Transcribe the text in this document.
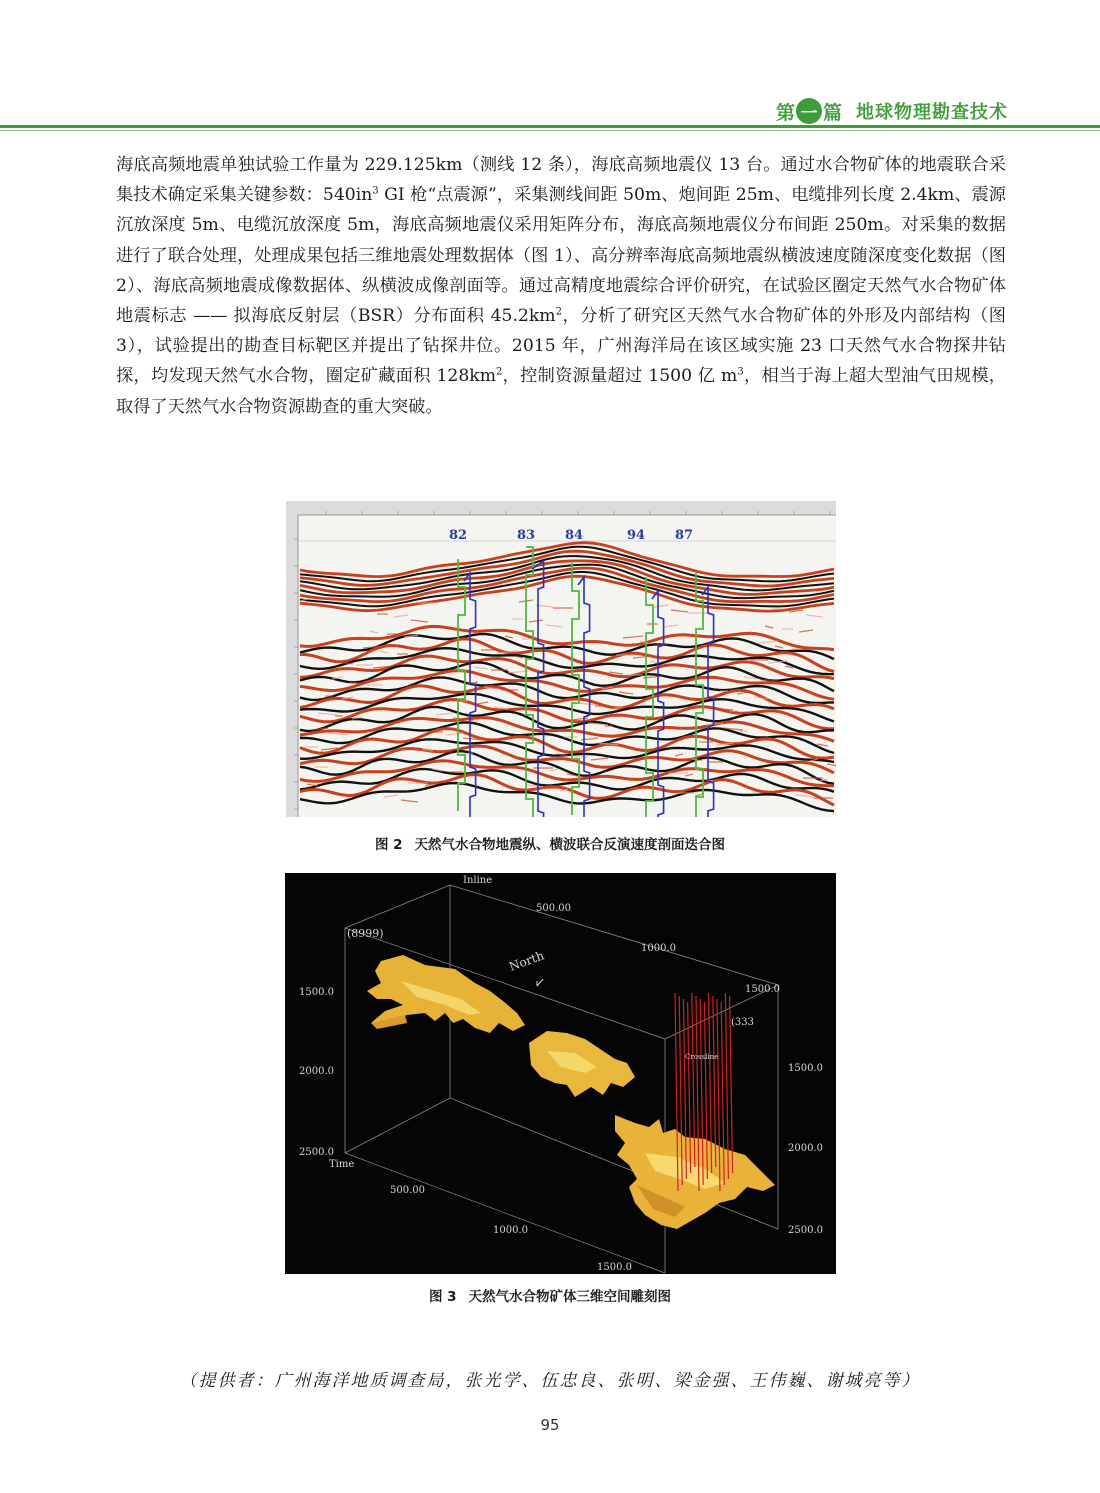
第 一 篇 地球物理勘查技术

海底高频地震单独试验工作量为 229.125km（测线 12 条），海底高频地震仪 13 台。通过水合物矿体的地震联合采集技术确定采集关键参数：$540in^3$ GI 枪“点震源”，采集测线间距 50m、炮间距 25m、电缆排列长度 2.4km、震源沉放深度 5m、电缆沉放深度 5m，海底高频地震仪采用矩阵分布，海底高频地震仪分布间距 250m。对采集的数据进行了联合处理，处理成果包括三维地震处理数据体（图 1）、高分辨率海底高频地震纵横波速度随深度变化数据（图 2）、海底高频地震成像数据体、纵横波成像剖面等。通过高精度地震综合评价研究，在试验区圈定天然气水合物矿体地震标志 —— 拟海底反射层（BSR）分布面积 $45.2km^2$，分析了研究区天然气水合物矿体的外形及内部结构（图 3），试验提出的勘查目标靶区并提出了钻探井位。2015 年，广州海洋局在该区域实施 23 口天然气水合物探井钻探，均发现天然气水合物，圈定矿藏面积 $128km^2$，控制资源量超过 1500 亿 $m^3$，相当于海上超大型油气田规模，取得了天然气水合物资源勘查的重大突破。

82	83 84	94 87
图 2 天然气水合物地震纵、横波联合反演速度剖面迭合图
Inline
(8999)
(333
Crossline
North
Time
1500.0
2000.0
2500.0
1500.0
2000.0
2500.0
500.00
1000.0
1500.0
500.00
1000.0
1500.0
图 3 天然气水合物矿体三维空间雕刻图
（提供者：广州海洋地质调查局，张光学、伍忠良、张明、梁金强、王伟巍、谢城亮等）
95
